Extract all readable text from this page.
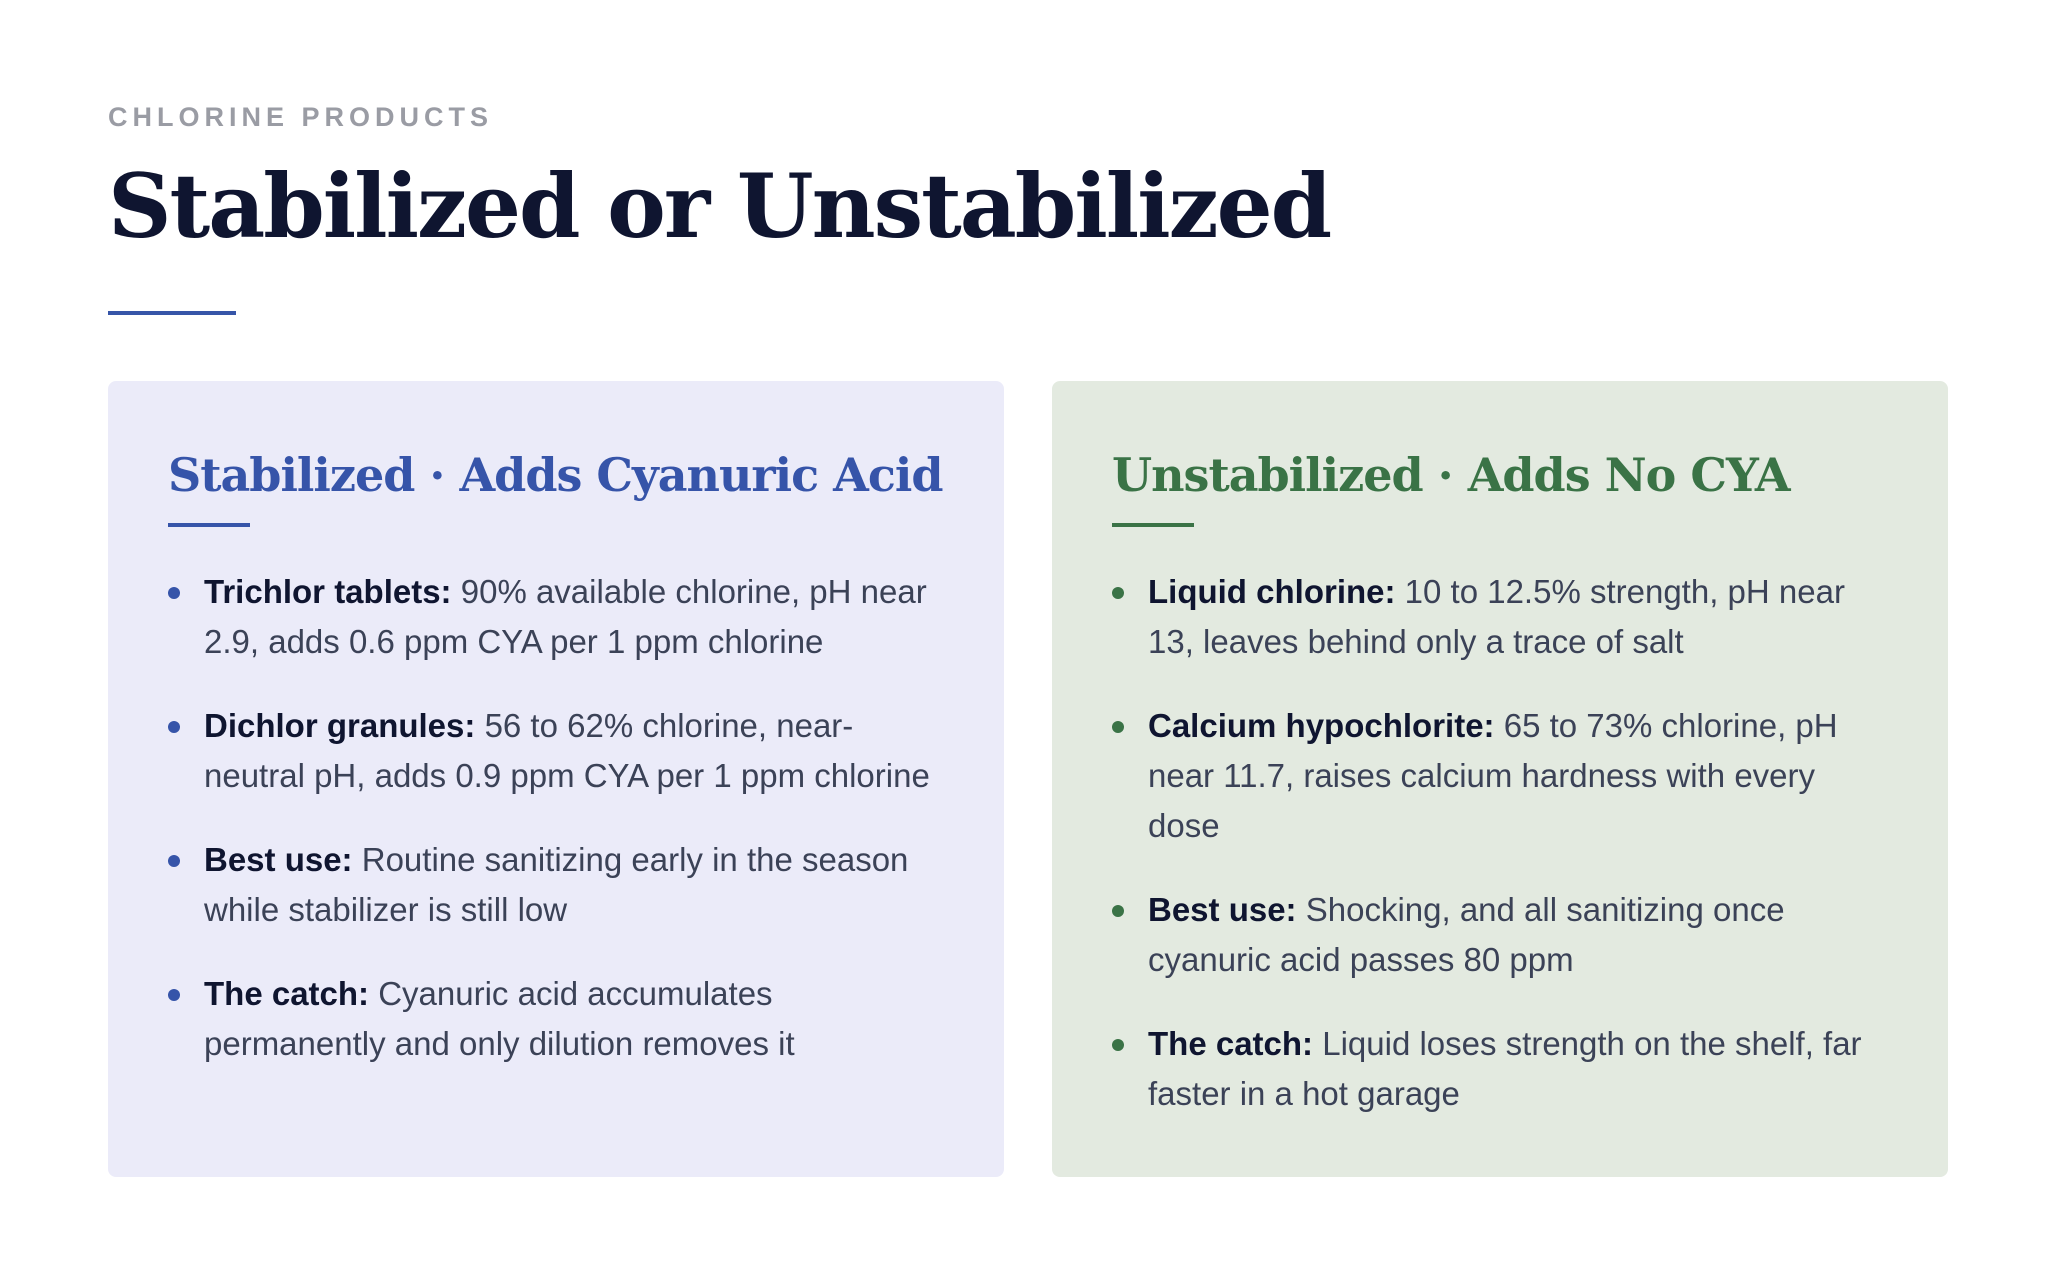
CHLORINE PRODUCTS
Stabilized or Unstabilized
Stabilized · Adds Cyanuric Acid
Trichlor tablets: 90% available chlorine, pH near 2.9, adds 0.6 ppm CYA per 1 ppm chlorine
Dichlor granules: 56 to 62% chlorine, near-neutral pH, adds 0.9 ppm CYA per 1 ppm chlorine
Best use: Routine sanitizing early in the season while stabilizer is still low
The catch: Cyanuric acid accumulates permanently and only dilution removes it
Unstabilized · Adds No CYA
Liquid chlorine: 10 to 12.5% strength, pH near 13, leaves behind only a trace of salt
Calcium hypochlorite: 65 to 73% chlorine, pH near 11.7, raises calcium hardness with every dose
Best use: Shocking, and all sanitizing once cyanuric acid passes 80 ppm
The catch: Liquid loses strength on the shelf, far faster in a hot garage
